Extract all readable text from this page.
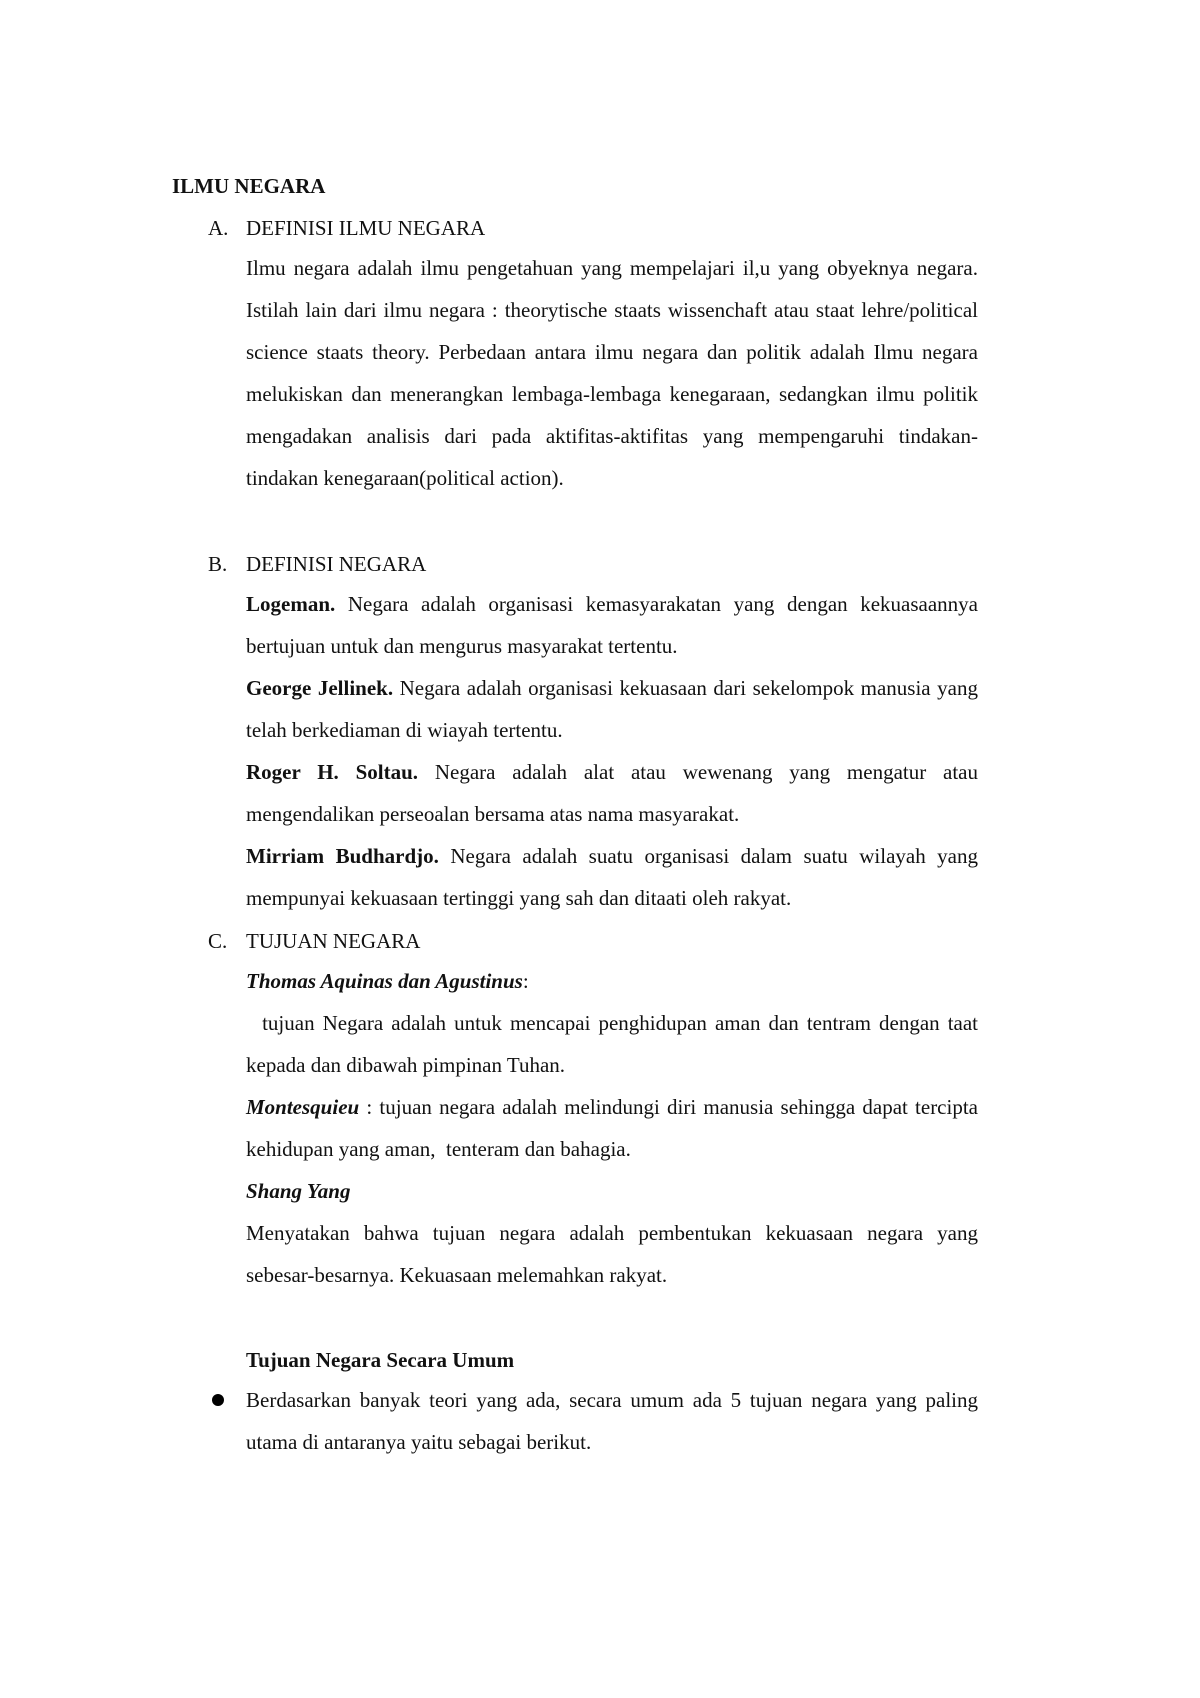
ILMU NEGARA
A. DEFINISI ILMU NEGARA
Ilmu negara adalah ilmu pengetahuan yang mempelajari il,u yang obyeknya negara. Istilah lain dari ilmu negara : theorytische staats wissenchaft atau staat lehre/political science staats theory. Perbedaan antara ilmu negara dan politik adalah Ilmu negara melukiskan dan menerangkan lembaga-lembaga kenegaraan, sedangkan ilmu politik mengadakan analisis dari pada aktifitas-aktifitas yang mempengaruhi tindakan-tindakan kenegaraan(political action).
B. DEFINISI NEGARA
Logeman. Negara adalah organisasi kemasyarakatan yang dengan kekuasaannya bertujuan untuk dan mengurus masyarakat tertentu.
George Jellinek. Negara adalah organisasi kekuasaan dari sekelompok manusia yang telah berkediaman di wiayah tertentu.
Roger H. Soltau. Negara adalah alat atau wewenang yang mengatur atau mengendalikan perseoalan bersama atas nama masyarakat.
Mirriam Budhardjo. Negara adalah suatu organisasi dalam suatu wilayah yang mempunyai kekuasaan tertinggi yang sah dan ditaati oleh rakyat.
C. TUJUAN NEGARA
Thomas Aquinas dan Agustinus:
tujuan Negara adalah untuk mencapai penghidupan aman dan tentram dengan taat kepada dan dibawah pimpinan Tuhan.
Montesquieu : tujuan negara adalah melindungi diri manusia sehingga dapat tercipta kehidupan yang aman,  tenteram dan bahagia.
Shang Yang
Menyatakan bahwa tujuan negara adalah pembentukan kekuasaan negara yang sebesar-besarnya. Kekuasaan melemahkan rakyat.
Tujuan Negara Secara Umum
Berdasarkan banyak teori yang ada, secara umum ada 5 tujuan negara yang paling utama di antaranya yaitu sebagai berikut.
